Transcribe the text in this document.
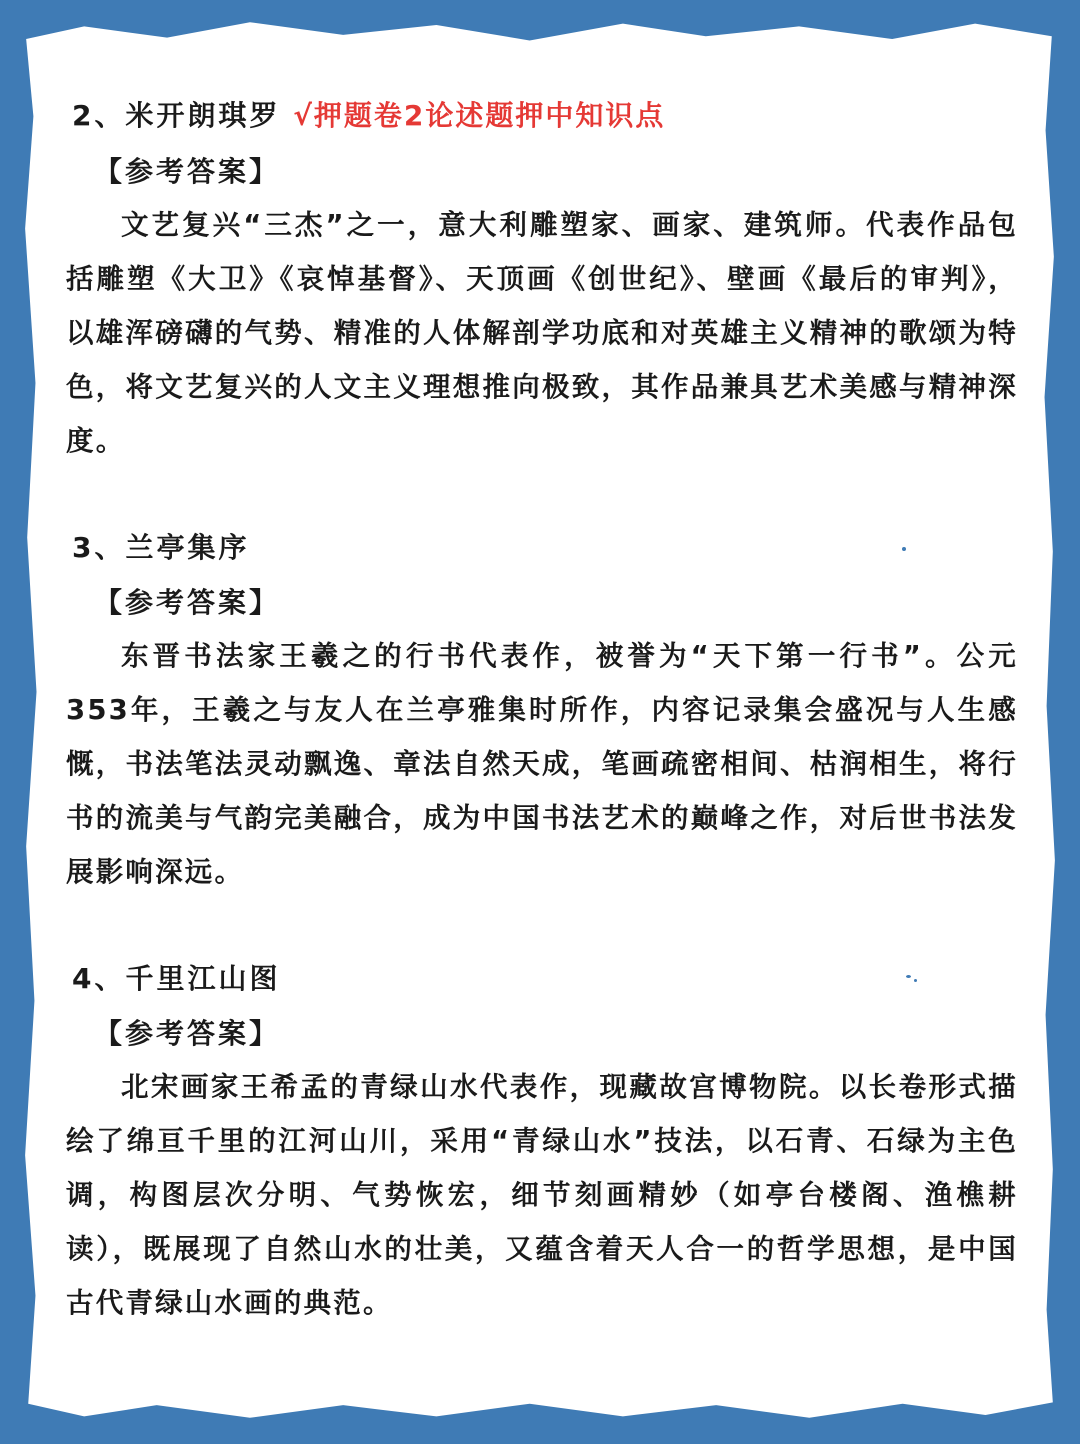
2、米开朗琪罗 √押题卷2论述题押中知识点
【参考答案】

文艺复兴“三杰”之一，意大利雕塑家、画家、建筑师。代表作品包括雕塑《大卫》《哀悼基督》、天顶画《创世纪》、壁画《最后的审判》，以雄浑磅礴的气势、精准的人体解剖学功底和对英雄主义精神的歌颂为特色，将文艺复兴的人文主义理想推向极致，其作品兼具艺术美感与精神深度。

3、兰亭集序
【参考答案】

东晋书法家王羲之的行书代表作，被誉为“天下第一行书”。公元353年，王羲之与友人在兰亭雅集时所作，内容记录集会盛况与人生感慨，书法笔法灵动飘逸、章法自然天成，笔画疏密相间、枯润相生，将行书的流美与气韵完美融合，成为中国书法艺术的巅峰之作，对后世书法发展影响深远。

4、千里江山图
【参考答案】

北宋画家王希孟的青绿山水代表作，现藏故宫博物院。以长卷形式描绘了绵亘千里的江河山川，采用“青绿山水”技法，以石青、石绿为主色调，构图层次分明、气势恢宏，细节刻画精妙（如亭台楼阁、渔樵耕读），既展现了自然山水的壮美，又蕴含着天人合一的哲学思想，是中国古代青绿山水画的典范。
